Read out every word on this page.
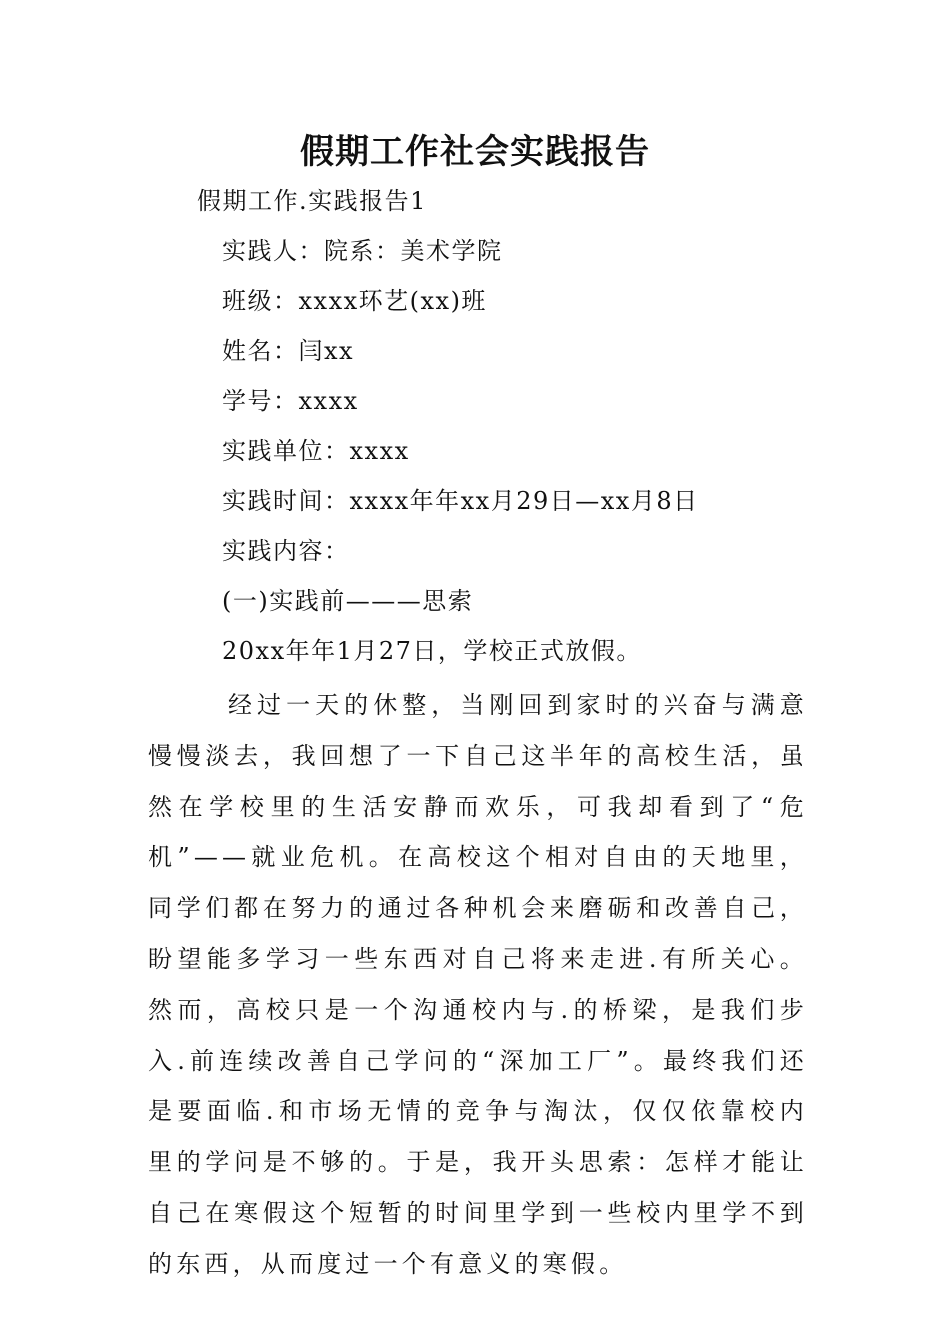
假期工作社会实践报告
假期工作.实践报告1
实践人：院系：美术学院
班级：xxxx环艺(xx)班
姓名：闫xx
学号：xxxx
实践单位：xxxx
实践时间：xxxx年年xx月29日—xx月8日
实践内容：
(一)实践前———思索
20xx年年1月27日，学校正式放假。

经过一天的休整，当刚回到家时的兴奋与满意慢慢淡去，我回想了一下自己这半年的高校生活，虽然在学校里的生活安静而欢乐，可我却看到了“危机”——就业危机。在高校这个相对自由的天地里，同学们都在努力的通过各种机会来磨砺和改善自己，盼望能多学习一些东西对自己将来走进.有所关心。然而，高校只是一个沟通校内与.的桥梁，是我们步入.前连续改善自己学问的“深加工厂”。最终我们还是要面临.和市场无情的竞争与淘汰，仅仅依靠校内里的学问是不够的。于是，我开头思索：怎样才能让自己在寒假这个短暂的时间里学到一些校内里学不到的东西，从而度过一个有意义的寒假。
